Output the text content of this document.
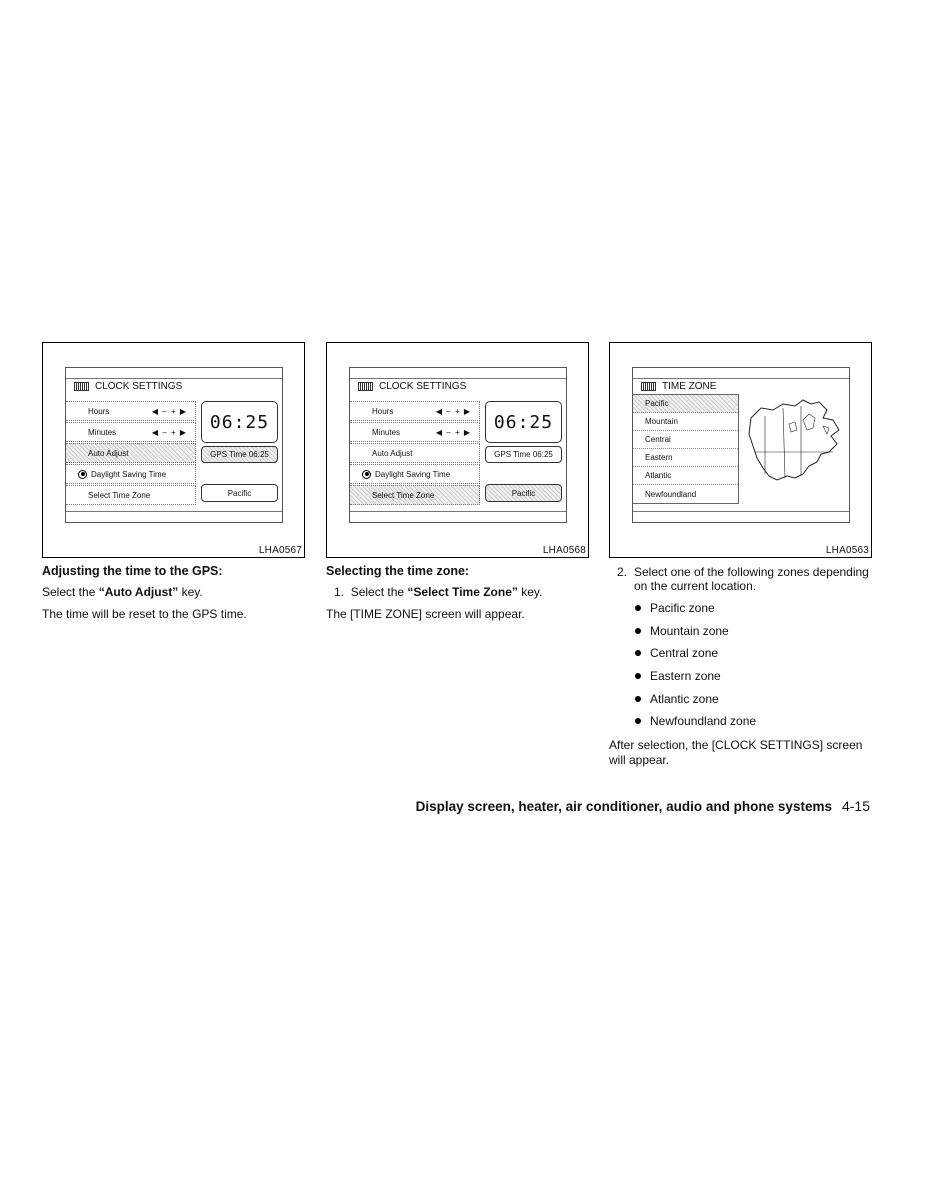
CLOCK SETTINGS
Hours	◀ – + ▶
Minutes	◀ – + ▶
Auto Adjust
Daylight Saving Time
Select Time Zone
06:25
GPS Time 06:25
Pacific
LHA0567
CLOCK SETTINGS
Hours	◀ – + ▶
Minutes	◀ – + ▶
Auto Adjust
Daylight Saving Time
Select Time Zone
06:25
GPS Time 06:25
Pacific
LHA0568
TIME ZONE
Pacific
Mountain
Central
Eastern
Atlantic
Newfoundland
LHA0563
Adjusting the time to the GPS:
Select the “Auto Adjust” key.
The time will be reset to the GPS time.
Selecting the time zone:
1. Select the “Select Time Zone” key.
The [TIME ZONE] screen will appear.
2. Select one of the following zones depending
on the current location.
Pacific zone
Mountain zone
Central zone
Eastern zone
Atlantic zone
Newfoundland zone
After selection, the [CLOCK SETTINGS] screen
will appear.
Display screen, heater, air conditioner, audio and phone systems 4-15
